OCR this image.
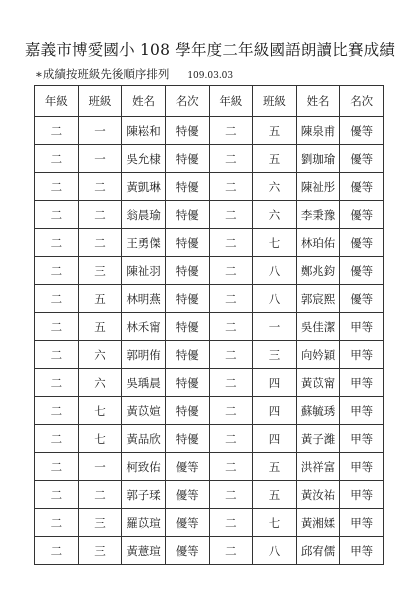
嘉義市博愛國小 108 學年度二年級國語朗讀比賽成績
∗成績按班級先後順序排列 109.03.03
年級	班級	姓名	名次	年級	班級	姓名	名次
二	一	陳崧和	特優	二	五	陳泉甫	優等
二	一	吳允棣	特優	二	五	劉珈瑜	優等
二	二	黃凱琳	特優	二	六	陳祉彤	優等
二	二	翁晨瑜	特優	二	六	李秉豫	優等
二	二	王勇傑	特優	二	七	林珀佑	優等
二	三	陳祉羽	特優	二	八	鄭兆鈞	優等
二	五	林明燕	特優	二	八	郭宸熙	優等
二	五	林禾甯	特優	二	一	吳佳潔	甲等
二	六	郭明侑	特優	二	三	向妗穎	甲等
二	六	吳瑀晨	特優	二	四	黃苡甯	甲等
二	七	黃苡媗	特優	二	四	蘇毓琇	甲等
二	七	黃品欣	特優	二	四	黃子濰	甲等
二	一	柯致佑	優等	二	五	洪祥富	甲等
二	二	郭子瑈	優等	二	五	黃汝祐	甲等
二	三	羅苡瑄	優等	二	七	黃湘媃	甲等
二	三	黃薏瑄	優等	二	八	邱宥儒	甲等
